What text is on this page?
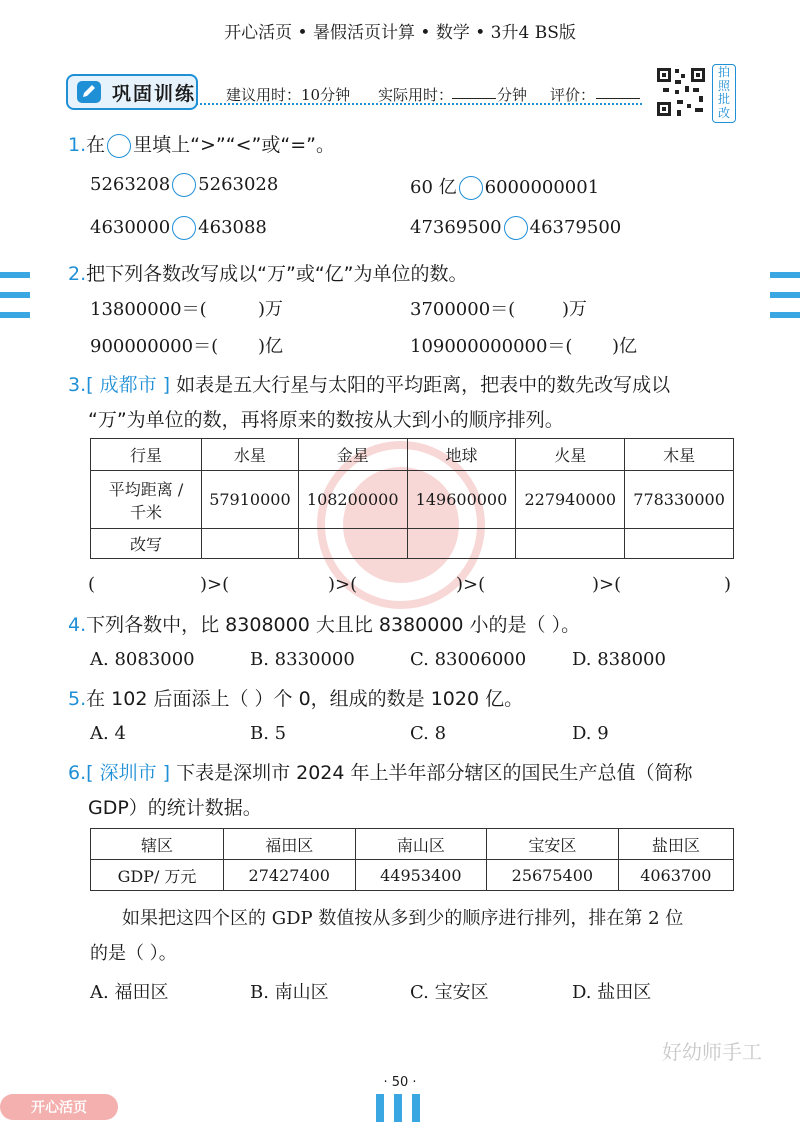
开心活页 • 暑假活页计算 • 数学 • 3升4 BS版
巩固训练 建议用时：10分钟 实际用时：	分钟 评价：
拍照批改
1.在 里填上“>”“<”或“=”。
5263208 5263028	60 亿 6000000001
4630000 463088	47369500 46379500
2.把下列各数改写成以“万”或“亿”为单位的数。
13800000＝(	)万	3700000＝(	)万
900000000＝( )亿	109000000000＝( )亿
3.[ 成都市 ] 如表是五大行星与太阳的平均距离，把表中的数先改写成以
“万”为单位的数，再将原来的数按从大到小的顺序排列。
行星	水星	金星	地球	火星	木星

平均距离 /
千米	57910000	108200000	149600000	227940000	778330000
改写					
(	)>(	)>(	)>(	)>(	)
4.下列各数中，比 8308000 大且比 8380000 小的是（ ）。
A. 8083000	B. 8330000	C. 83006000	D. 838000
5.在 102 后面添上（ ）个 0，组成的数是 1020 亿。
A. 4	B. 5	C. 8	D. 9
6.[ 深圳市 ] 下表是深圳市 2024 年上半年部分辖区的国民生产总值（简称
GDP）的统计数据。
辖区	福田区	南山区	宝安区	盐田区
GDP/ 万元	27427400	44953400	25675400	4063700
如果把这四个区的 GDP 数值按从多到少的顺序进行排列，排在第 2 位
的是（ ）。
A. 福田区	B. 南山区	C. 宝安区	D. 盐田区
好幼师手工
· 50 ·
开心活页
